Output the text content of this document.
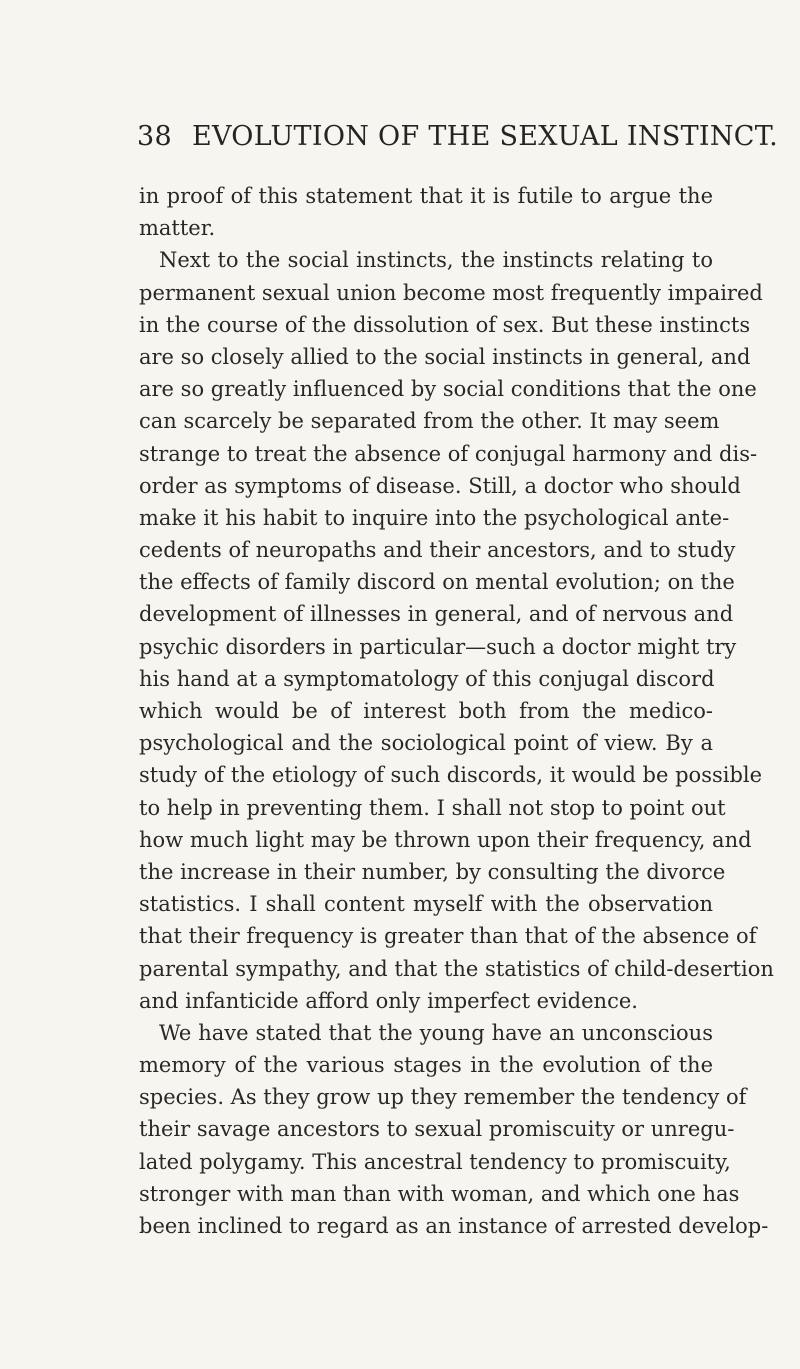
38 EVOLUTION OF THE SEXUAL INSTINCT.
in proof of this statement that it is futile to argue the
matter.
Next to the social instincts, the instincts relating to
permanent sexual union become most frequently impaired
in the course of the dissolution of sex. But these instincts
are so closely allied to the social instincts in general, and
are so greatly influenced by social conditions that the one
can scarcely be separated from the other. It may seem
strange to treat the absence of conjugal harmony and dis-
order as symptoms of disease. Still, a doctor who should
make it his habit to inquire into the psychological ante-
cedents of neuropaths and their ancestors, and to study
the effects of family discord on mental evolution; on the
development of illnesses in general, and of nervous and
psychic disorders in particular—such a doctor might try
his hand at a symptomatology of this conjugal discord
which would be of interest both from the medico-
psychological and the sociological point of view. By a
study of the etiology of such discords, it would be possible
to help in preventing them. I shall not stop to point out
how much light may be thrown upon their frequency, and
the increase in their number, by consulting the divorce
statistics. I shall content myself with the observation
that their frequency is greater than that of the absence of
parental sympathy, and that the statistics of child-desertion
and infanticide afford only imperfect evidence.
We have stated that the young have an unconscious
memory of the various stages in the evolution of the
species. As they grow up they remember the tendency of
their savage ancestors to sexual promiscuity or unregu-
lated polygamy. This ancestral tendency to promiscuity,
stronger with man than with woman, and which one has
been inclined to regard as an instance of arrested develop-
